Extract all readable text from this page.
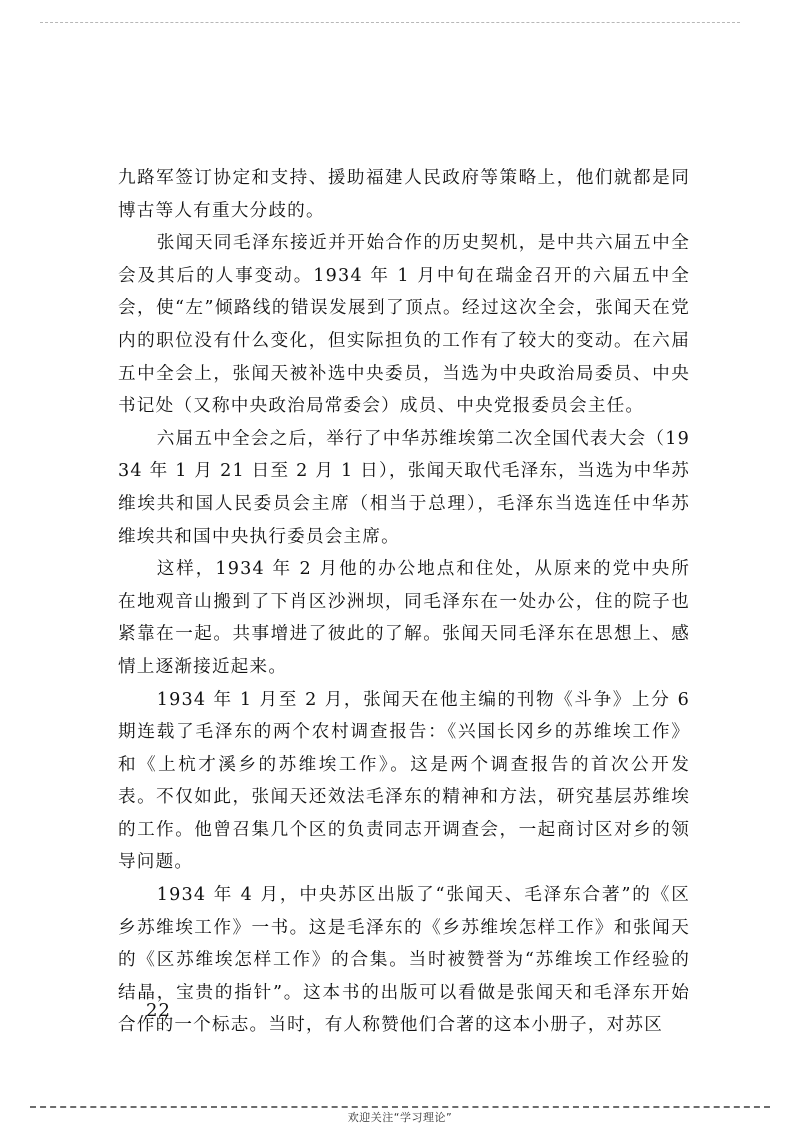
九路军签订协定和支持、援助福建人民政府等策略上，他们就都是同博古等人有重大分歧的。

张闻天同毛泽东接近并开始合作的历史契机，是中共六届五中全会及其后的人事变动。1934 年 1 月中旬在瑞金召开的六届五中全会，使“左”倾路线的错误发展到了顶点。经过这次全会，张闻天在党内的职位没有什么变化，但实际担负的工作有了较大的变动。在六届五中全会上，张闻天被补选中央委员，当选为中央政治局委员、中央书记处（又称中央政治局常委会）成员、中央党报委员会主任。

六届五中全会之后，举行了中华苏维埃第二次全国代表大会（1934 年 1 月 21 日至 2 月 1 日），张闻天取代毛泽东，当选为中华苏维埃共和国人民委员会主席（相当于总理），毛泽东当选连任中华苏维埃共和国中央执行委员会主席。

这样，1934 年 2 月他的办公地点和住处，从原来的党中央所在地观音山搬到了下肖区沙洲坝，同毛泽东在一处办公，住的院子也紧靠在一起。共事增进了彼此的了解。张闻天同毛泽东在思想上、感情上逐渐接近起来。

1934 年 1 月至 2 月，张闻天在他主编的刊物《斗争》上分 6 期连载了毛泽东的两个农村调查报告：《兴国长冈乡的苏维埃工作》和《上杭才溪乡的苏维埃工作》。这是两个调查报告的首次公开发表。不仅如此，张闻天还效法毛泽东的精神和方法，研究基层苏维埃的工作。他曾召集几个区的负责同志开调查会，一起商讨区对乡的领导问题。

1934 年 4 月，中央苏区出版了“张闻天、毛泽东合著”的《区乡苏维埃工作》一书。这是毛泽东的《乡苏维埃怎样工作》和张闻天的《区苏维埃怎样工作》的合集。当时被赞誉为“苏维埃工作经验的结晶，宝贵的指针”。这本书的出版可以看做是张闻天和毛泽东开始合作的一个标志。当时，有人称赞他们合著的这本小册子，对苏区

22
欢迎关注“学习理论”
